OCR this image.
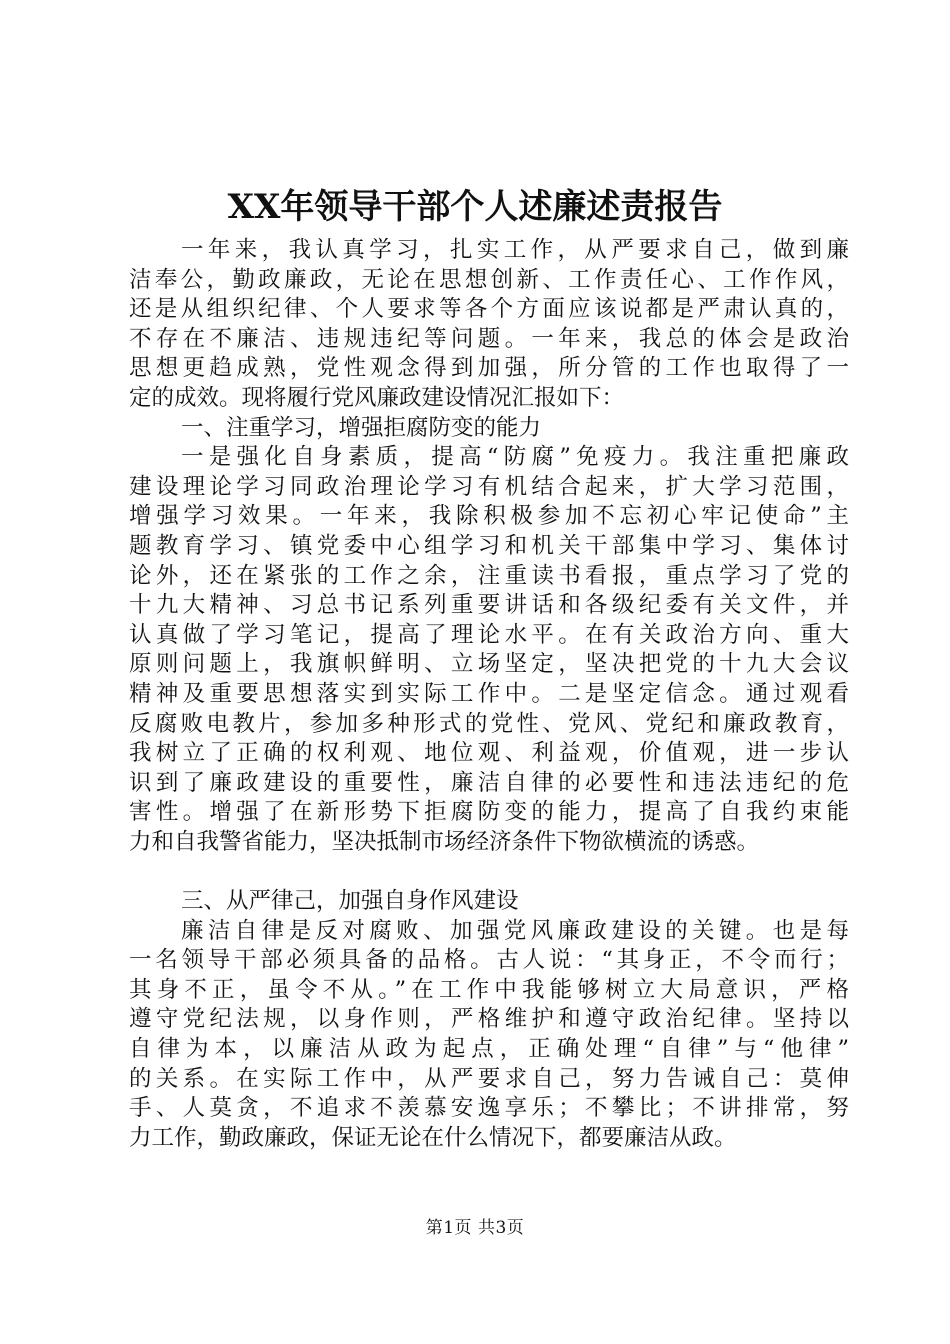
XX年领导干部个人述廉述责报告
一年来，我认真学习，扎实工作，从严要求自己，做到廉
洁奉公，勤政廉政，无论在思想创新、工作责任心、工作作风，
还是从组织纪律、个人要求等各个方面应该说都是严肃认真的，
不存在不廉洁、违规违纪等问题。一年来，我总的体会是政治
思想更趋成熟，党性观念得到加强，所分管的工作也取得了一
定的成效。现将履行党风廉政建设情况汇报如下：
一、注重学习，增强拒腐防变的能力
一是强化自身素质，提高“防腐”免疫力。我注重把廉政
建设理论学习同政治理论学习有机结合起来，扩大学习范围，
增强学习效果。一年来，我除积极参加不忘初心牢记使命”主
题教育学习、镇党委中心组学习和机关干部集中学习、集体讨
论外，还在紧张的工作之余，注重读书看报，重点学习了党的
十九大精神、习总书记系列重要讲话和各级纪委有关文件，并
认真做了学习笔记，提高了理论水平。在有关政治方向、重大
原则问题上，我旗帜鲜明、立场坚定，坚决把党的十九大会议
精神及重要思想落实到实际工作中。二是坚定信念。通过观看
反腐败电教片，参加多种形式的党性、党风、党纪和廉政教育，
我树立了正确的权利观、地位观、利益观，价值观，进一步认
识到了廉政建设的重要性，廉洁自律的必要性和违法违纪的危
害性。增强了在新形势下拒腐防变的能力，提高了自我约束能
力和自我警省能力，坚决抵制市场经济条件下物欲横流的诱惑。
三、从严律己，加强自身作风建设
廉洁自律是反对腐败、加强党风廉政建设的关键。也是每
一名领导干部必须具备的品格。古人说：“其身正，不令而行；
其身不正，虽令不从。”在工作中我能够树立大局意识，严格
遵守党纪法规，以身作则，严格维护和遵守政治纪律。坚持以
自律为本，以廉洁从政为起点，正确处理“自律”与“他律”
的关系。在实际工作中，从严要求自己，努力告诫自己：莫伸
手、人莫贪，不追求不羡慕安逸享乐；不攀比；不讲排常，努
力工作，勤政廉政，保证无论在什么情况下，都要廉洁从政。
第1页 共3页
